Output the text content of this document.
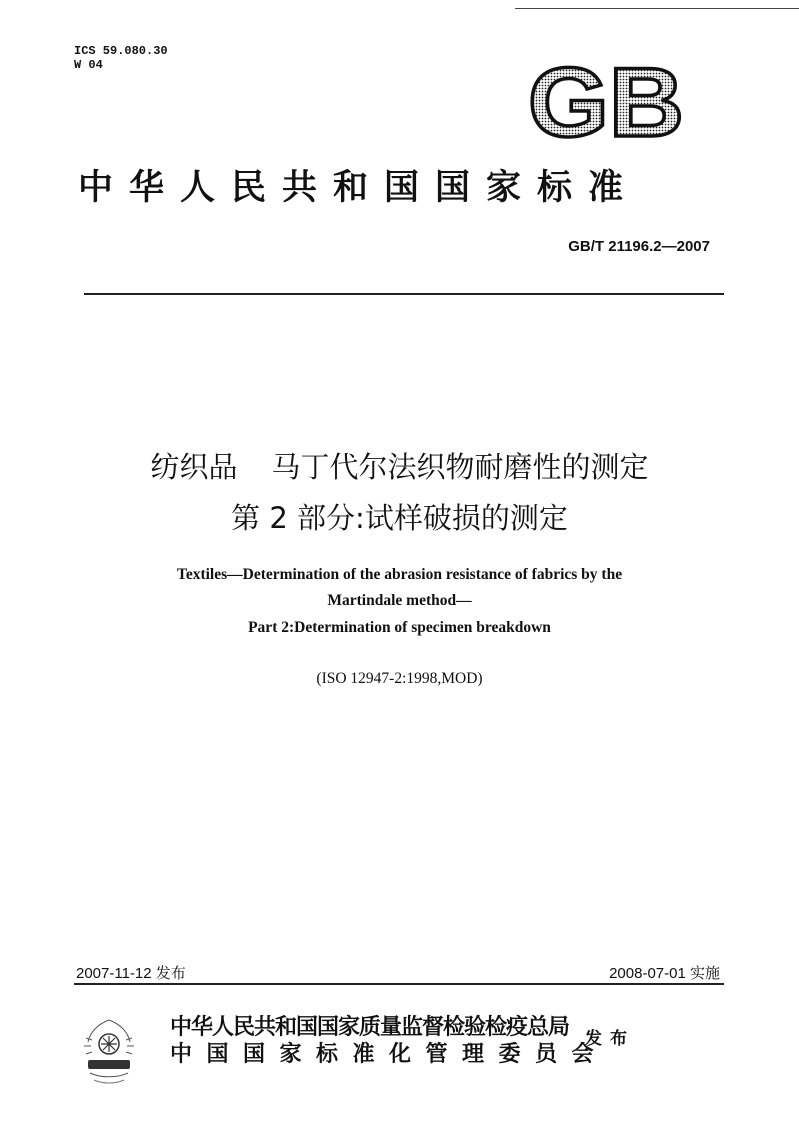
ICS 59.080.30
W 04	GB
中华人民共和国国家标准
GB/T 21196.2—2007
纺织品 马丁代尔法织物耐磨性的测定
第 2 部分:试样破损的测定
Textiles—Determination of the abrasion resistance of fabrics by the
Martindale method—
Part 2:Determination of specimen breakdown
(ISO 12947-2:1998,MOD)
2007-11-12 发布	2008-07-01 实施
中华人民共和国国家质量监督检验检疫总局
中国国家标准化管理委员会
发布
